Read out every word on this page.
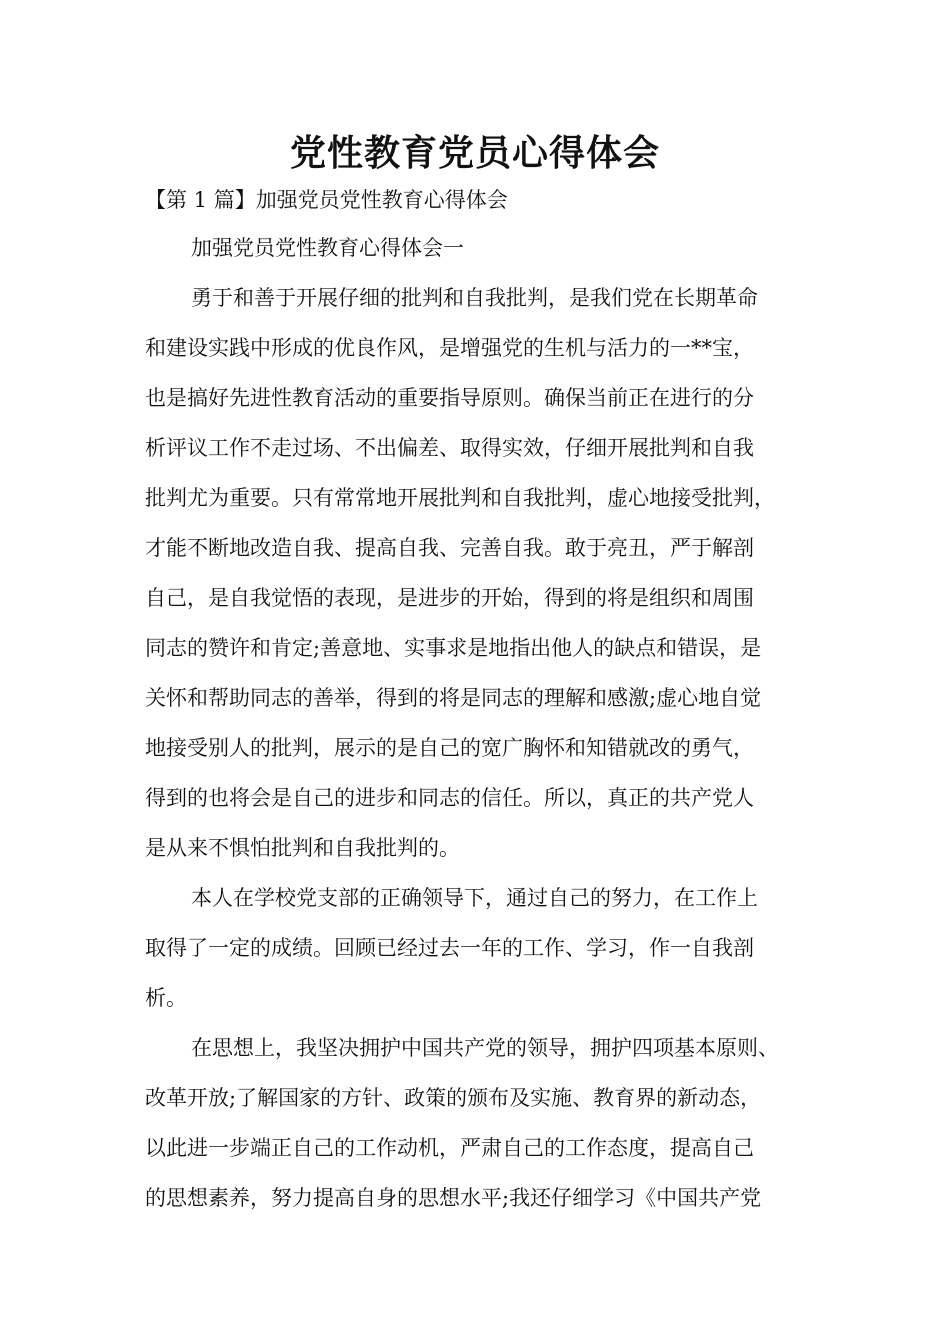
党性教育党员心得体会
【第 1 篇】加强党员党性教育心得体会
加强党员党性教育心得体会一
勇于和善于开展仔细的批判和自我批判，是我们党在长期革命
和建设实践中形成的优良作风，是增强党的生机与活力的一**宝，
也是搞好先进性教育活动的重要指导原则。确保当前正在进行的分
析评议工作不走过场、不出偏差、取得实效，仔细开展批判和自我
批判尤为重要。只有常常地开展批判和自我批判，虚心地接受批判，
才能不断地改造自我、提高自我、完善自我。敢于亮丑，严于解剖
自己，是自我觉悟的表现，是进步的开始，得到的将是组织和周围
同志的赞许和肯定;善意地、实事求是地指出他人的缺点和错误，是
关怀和帮助同志的善举，得到的将是同志的理解和感激;虚心地自觉
地接受别人的批判，展示的是自己的宽广胸怀和知错就改的勇气，
得到的也将会是自己的进步和同志的信任。所以，真正的共产党人
是从来不惧怕批判和自我批判的。
本人在学校党支部的正确领导下，通过自己的努力，在工作上
取得了一定的成绩。回顾已经过去一年的工作、学习，作一自我剖
析。
在思想上，我坚决拥护中国共产党的领导，拥护四项基本原则、
改革开放;了解国家的方针、政策的颁布及实施、教育界的新动态，
以此进一步端正自己的工作动机，严肃自己的工作态度，提高自己
的思想素养，努力提高自身的思想水平;我还仔细学习《中国共产党
